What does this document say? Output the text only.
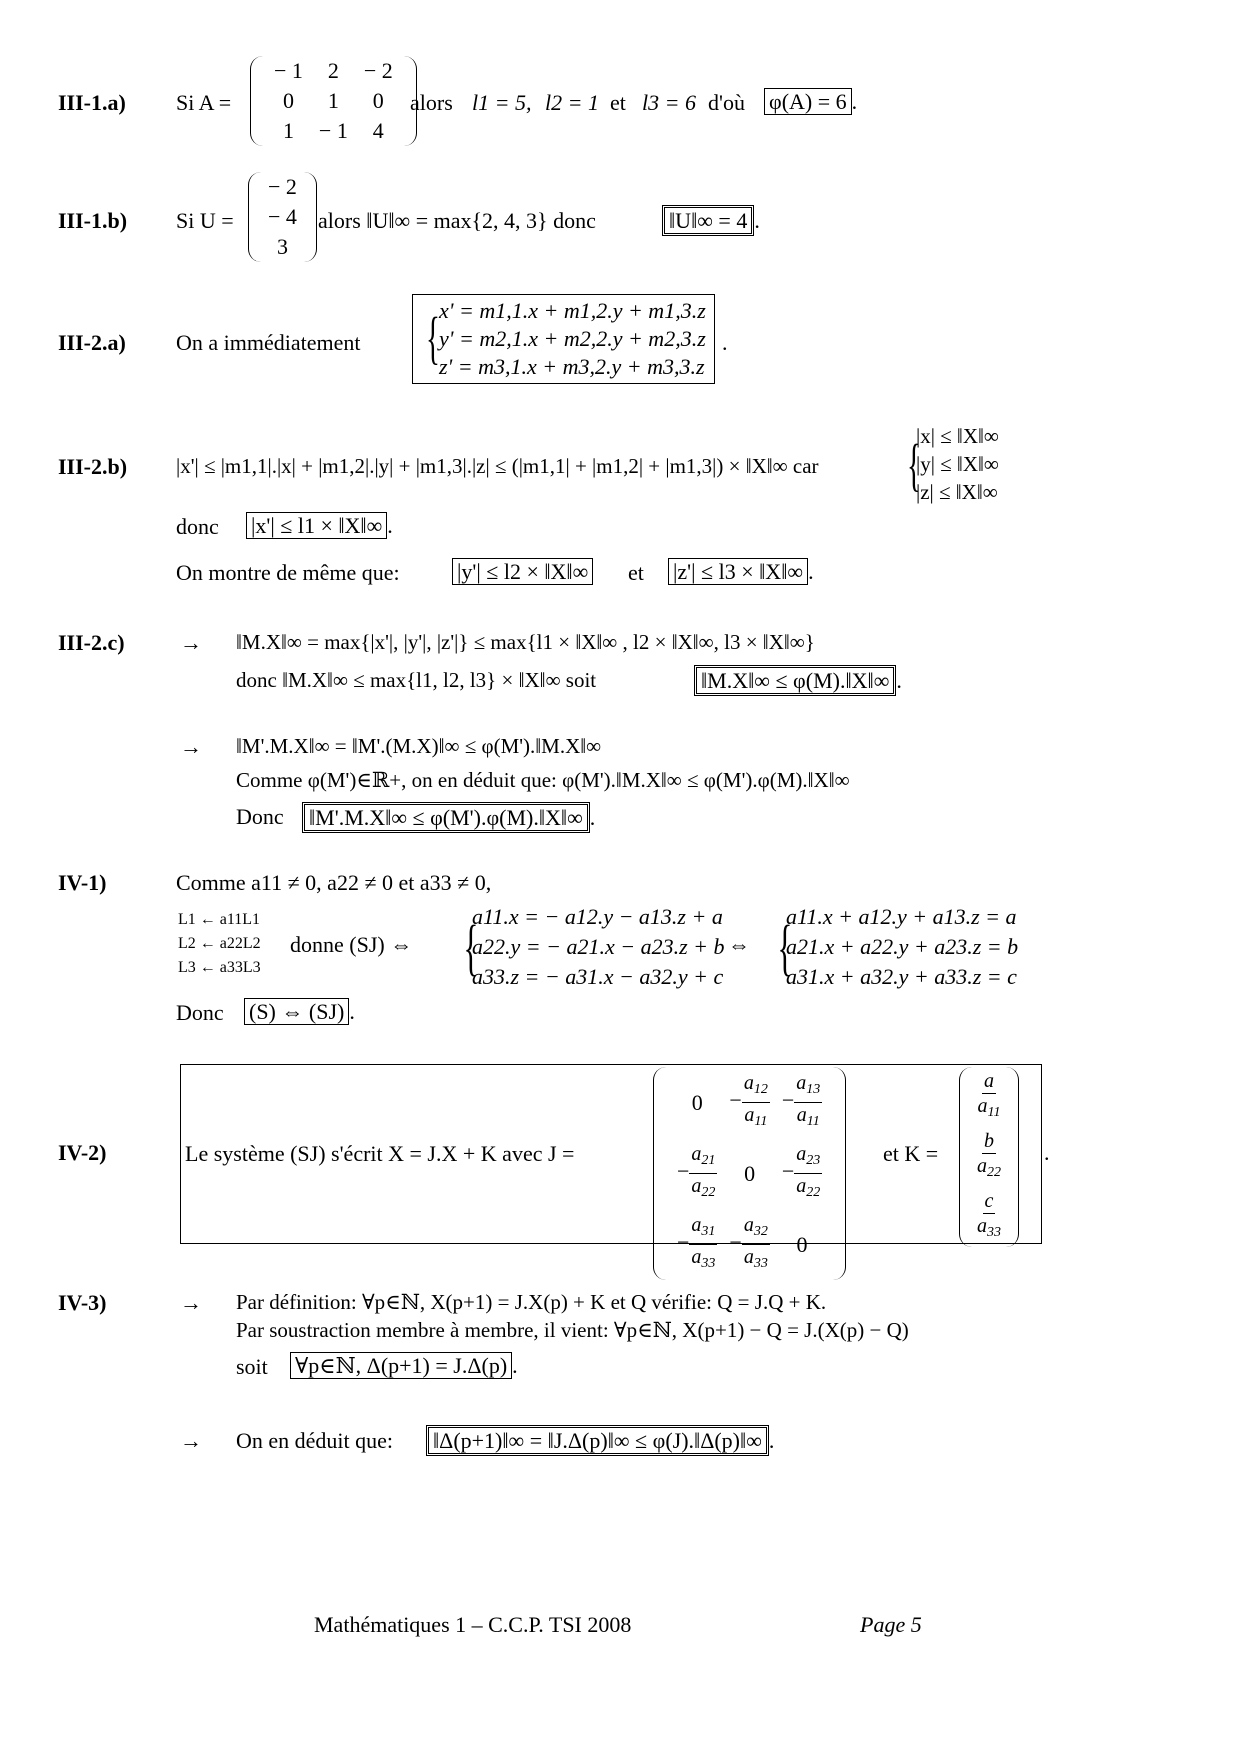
III-1.a) Si A =
− 1	2	− 2
0	1	0
1	− 1	4
alors l1 = 5, l2 = 1 et l3 = 6 d'où φ(A) = 6 .
III-1.b) Si U =
− 2
− 4
3
alors ‖U‖∞ = max{2, 4, 3} donc	‖U‖∞ = 4 .
III-2.a) On a immédiatement { x' = m1,1.x + m1,2.y + m1,3.z
y' = m2,1.x + m2,2.y + m2,3.z
z' = m3,1.x + m3,2.y + m3,3.z
.
III-2.b) |x'| ≤ |m1,1|.|x| + |m1,2|.|y| + |m1,3|.|z| ≤ (|m1,1| + |m1,2| + |m1,3|) × ‖X‖∞ car {
|x| ≤ ‖X‖∞
|y| ≤ ‖X‖∞
|z| ≤ ‖X‖∞
donc |x'| ≤ l1 × ‖X‖∞ .
On montre de même que:	|y'| ≤ l2 × ‖X‖∞ et |z'| ≤ l3 × ‖X‖∞ .
III-2.c)	→ ‖M.X‖∞ = max{|x'|, |y'|, |z'|} ≤ max{l1 × ‖X‖∞ , l2 × ‖X‖∞, l3 × ‖X‖∞}
donc ‖M.X‖∞ ≤ max{l1, l2, l3} × ‖X‖∞ soit	‖M.X‖∞ ≤ φ(M).‖X‖∞ .
→ ‖M'.M.X‖∞ = ‖M'.(M.X)‖∞ ≤ φ(M').‖M.X‖∞
Comme φ(M')∈ℝ+, on en déduit que: φ(M').‖M.X‖∞ ≤ φ(M').φ(M).‖X‖∞
Donc	‖M'.M.X‖∞ ≤ φ(M').φ(M).‖X‖∞ .
IV-1)	Comme a11 ≠ 0, a22 ≠ 0 et a33 ≠ 0,
L1 ← a11L1
L2 ← a22L2
L3 ← a33L3
donne (SJ) ⇔ {
a11.x = − a12.y − a13.z + a
a22.y = − a21.x − a23.z + b
a33.z = − a31.x − a32.y + c
⇔ {
a11.x + a12.y + a13.z = a
a21.x + a22.y + a23.z = b
a31.x + a32.y + a33.z = c
Donc (S) ⇔ (SJ) .
IV-2)	Le système (SJ) s'écrit X = J.X + K avec J =
0	− $\frac{a_{12}}{a_{11}}$	− $\frac{a_{13}}{a_{11}}$

− $\frac{a_{21}}{a_{22}}$	0	− $\frac{a_{23}}{a_{22}}$

− $\frac{a_{31}}{a_{33}}$	− $\frac{a_{32}}{a_{33}}$	0
et K =
$\frac{a}{a_{11}}$

$\frac{b}{a_{22}}$

$\frac{c}{a_{33}}$
.
IV-3)	→ Par définition: ∀p∈ℕ, X(p+1) = J.X(p) + K et Q vérifie: Q = J.Q + K.
Par soustraction membre à membre, il vient: ∀p∈ℕ, X(p+1) − Q = J.(X(p) − Q)
soit ∀p∈ℕ, Δ(p+1) = J.Δ(p) .
→ On en déduit que:	‖Δ(p+1)‖∞ = ‖J.Δ(p)‖∞ ≤ φ(J).‖Δ(p)‖∞ .
Mathématiques 1 – C.C.P. TSI 2008	Page 5
